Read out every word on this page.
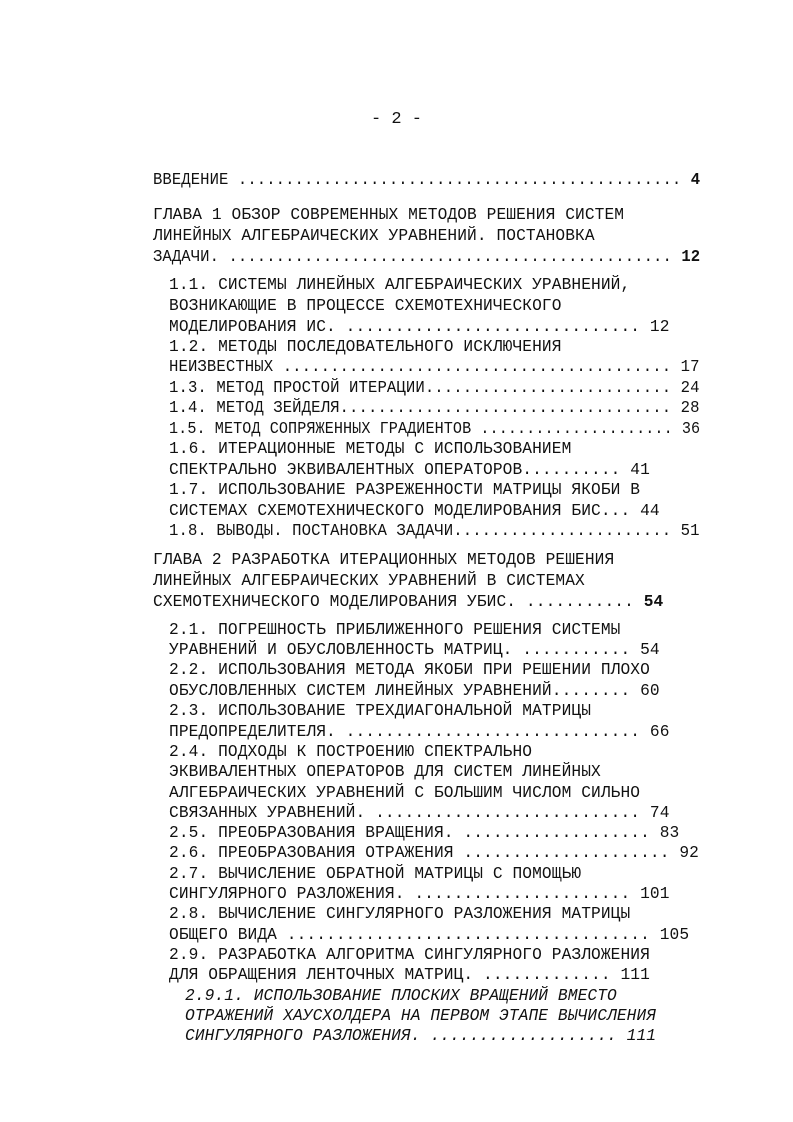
- 2 -
ВВЕДЕНИЕ ............................................... 4
ГЛАВА 1 ОБЗОР СОВРЕМЕННЫХ МЕТОДОВ РЕШЕНИЯ СИСТЕМ
ЛИНЕЙНЫХ АЛГЕБРАИЧЕСКИХ УРАВНЕНИЙ. ПОСТАНОВКА
ЗАДАЧИ. ............................................... 12
1.1. СИСТЕМЫ ЛИНЕЙНЫХ АЛГЕБРАИЧЕСКИХ УРАВНЕНИЙ,
ВОЗНИКАЮЩИЕ В ПРОЦЕССЕ СХЕМОТЕХНИЧЕСКОГО
МОДЕЛИРОВАНИЯ ИС. .............................. 12
1.2. МЕТОДЫ ПОСЛЕДОВАТЕЛЬНОГО ИСКЛЮЧЕНИЯ
НЕИЗВЕСТНЫХ ......................................... 17
1.3. МЕТОД ПРОСТОЙ ИТЕРАЦИИ.......................... 24
1.4. МЕТОД ЗЕЙДЕЛЯ................................... 28
1.5. МЕТОД СОПРЯЖЕННЫХ ГРАДИЕНТОВ ..................... 36
1.6. ИТЕРАЦИОННЫЕ МЕТОДЫ С ИСПОЛЬЗОВАНИЕМ
СПЕКТРАЛЬНО ЭКВИВАЛЕНТНЫХ ОПЕРАТОРОВ.......... 41
1.7. ИСПОЛЬЗОВАНИЕ РАЗРЕЖЕННОСТИ МАТРИЦЫ ЯКОБИ В
СИСТЕМАХ СХЕМОТЕХНИЧЕСКОГО МОДЕЛИРОВАНИЯ БИС... 44
1.8. ВЫВОДЫ. ПОСТАНОВКА ЗАДАЧИ....................... 51
ГЛАВА 2 РАЗРАБОТКА ИТЕРАЦИОННЫХ МЕТОДОВ РЕШЕНИЯ
ЛИНЕЙНЫХ АЛГЕБРАИЧЕСКИХ УРАВНЕНИЙ В СИСТЕМАХ
СХЕМОТЕХНИЧЕСКОГО МОДЕЛИРОВАНИЯ УБИС. ........... 54
2.1. ПОГРЕШНОСТЬ ПРИБЛИЖЕННОГО РЕШЕНИЯ СИСТЕМЫ
УРАВНЕНИЙ И ОБУСЛОВЛЕННОСТЬ МАТРИЦ. ........... 54
2.2. ИСПОЛЬЗОВАНИЯ МЕТОДА ЯКОБИ ПРИ РЕШЕНИИ ПЛОХО
ОБУСЛОВЛЕННЫХ СИСТЕМ ЛИНЕЙНЫХ УРАВНЕНИЙ........ 60
2.3. ИСПОЛЬЗОВАНИЕ ТРЕХДИАГОНАЛЬНОЙ МАТРИЦЫ
ПРЕДОПРЕДЕЛИТЕЛЯ. .............................. 66
2.4. ПОДХОДЫ К ПОСТРОЕНИЮ СПЕКТРАЛЬНО
ЭКВИВАЛЕНТНЫХ ОПЕРАТОРОВ ДЛЯ СИСТЕМ ЛИНЕЙНЫХ
АЛГЕБРАИЧЕСКИХ УРАВНЕНИЙ С БОЛЬШИМ ЧИСЛОМ СИЛЬНО
СВЯЗАННЫХ УРАВНЕНИЙ. ........................... 74
2.5. ПРЕОБРАЗОВАНИЯ ВРАЩЕНИЯ. ................... 83
2.6. ПРЕОБРАЗОВАНИЯ ОТРАЖЕНИЯ ..................... 92
2.7. ВЫЧИСЛЕНИЕ ОБРАТНОЙ МАТРИЦЫ С ПОМОЩЬЮ
СИНГУЛЯРНОГО РАЗЛОЖЕНИЯ. ...................... 101
2.8. ВЫЧИСЛЕНИЕ СИНГУЛЯРНОГО РАЗЛОЖЕНИЯ МАТРИЦЫ
ОБЩЕГО ВИДА ..................................... 105
2.9. РАЗРАБОТКА АЛГОРИТМА СИНГУЛЯРНОГО РАЗЛОЖЕНИЯ
ДЛЯ ОБРАЩЕНИЯ ЛЕНТОЧНЫХ МАТРИЦ. ............. 111
2.9.1. ИСПОЛЬЗОВАНИЕ ПЛОСКИХ ВРАЩЕНИЙ ВМЕСТО
ОТРАЖЕНИЙ ХАУСХОЛДЕРА НА ПЕРВОМ ЭТАПЕ ВЫЧИСЛЕНИЯ
СИНГУЛЯРНОГО РАЗЛОЖЕНИЯ. ................... 111
